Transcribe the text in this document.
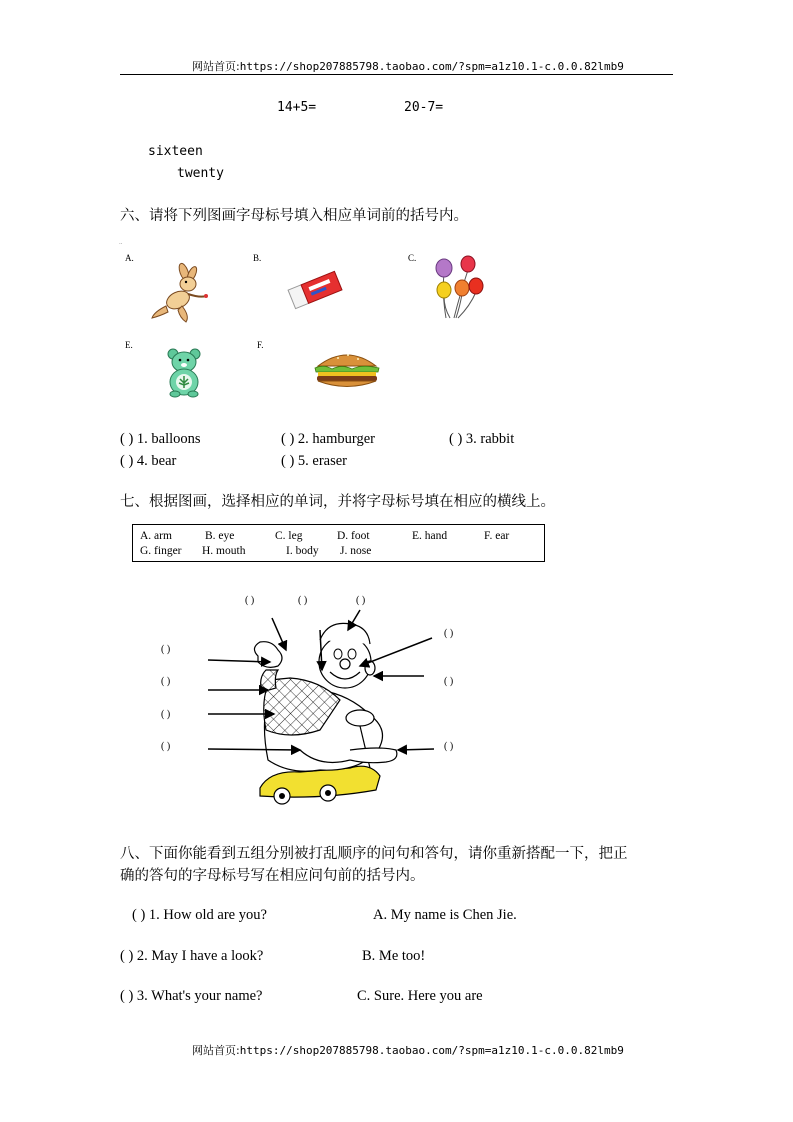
网站首页:https://shop207885798.taobao.com/?spm=a1z10.1-c.0.0.82lmb9
14+5=	20-7=
sixteen
twenty
六、请将下列图画字母标号填入相应单词前的括号内。
..
A.	B.	C.
E.	F.
( ) 1. balloons	( ) 2. hamburger	( ) 3. rabbit
( ) 4. bear	( ) 5. eraser
七、根据图画，选择相应的单词，并将字母标号填在相应的横线上。
A. arm	B. eye	C. leg	D. foot	E. hand	F. ear
G. finger H. mouth	I. body J. nose
( )	( )	( )
( )
( )
( )
( )
( )
( )
( )
八、下面你能看到五组分别被打乱顺序的问句和答句，请你重新搭配一下，把正
确的答句的字母标号写在相应问句前的括号内。
( ) 1. How old are you?	A. My name is Chen Jie.
( ) 2. May I have a look?	B. Me too!
( ) 3. What's your name?	C. Sure. Here you are
网站首页:https://shop207885798.taobao.com/?spm=a1z10.1-c.0.0.82lmb9
